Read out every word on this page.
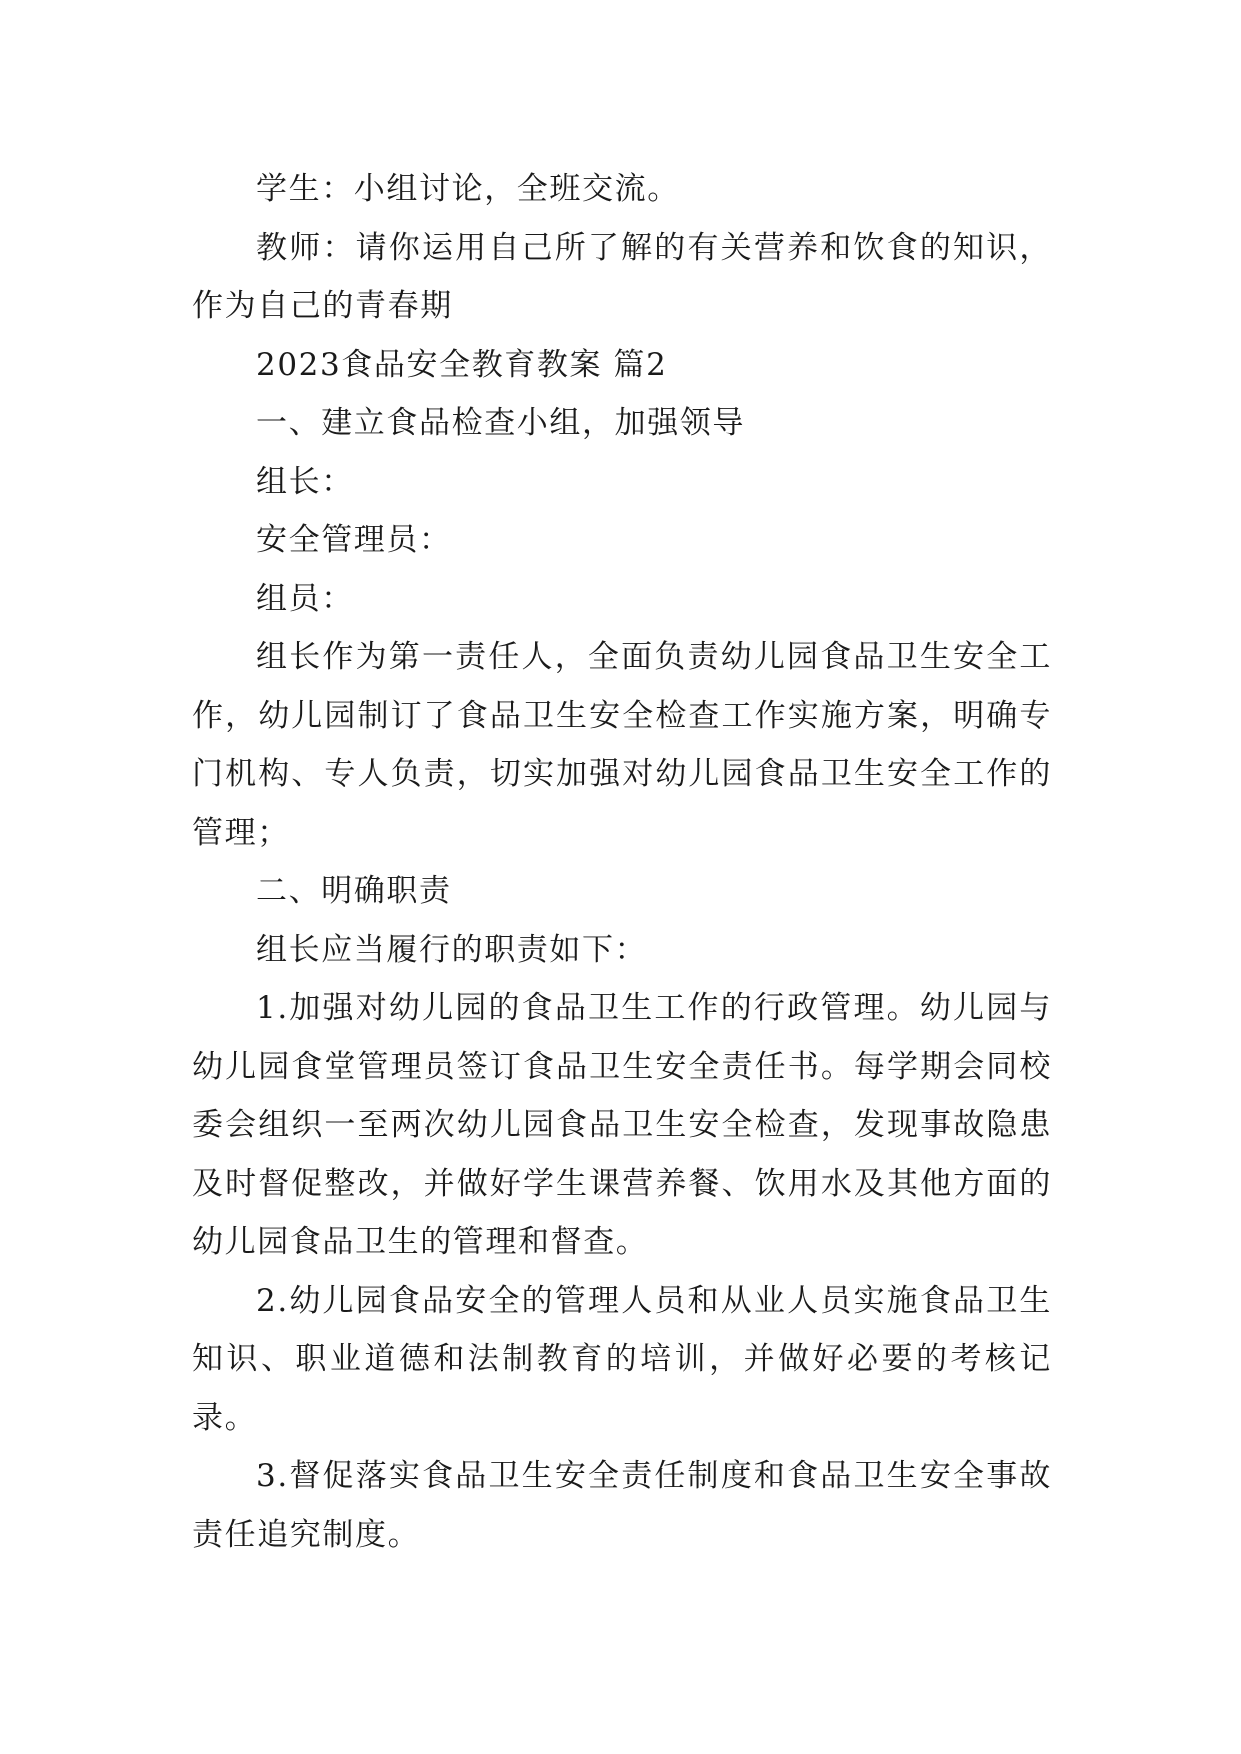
学生：小组讨论，全班交流。

教师：请你运用自己所了解的有关营养和饮食的知识，作为自己的青春期

2023食品安全教育教案 篇2

一、建立食品检查小组，加强领导

组长：

安全管理员：

组员：

组长作为第一责任人，全面负责幼儿园食品卫生安全工作，幼儿园制订了食品卫生安全检查工作实施方案，明确专门机构、专人负责，切实加强对幼儿园食品卫生安全工作的管理；

二、明确职责

组长应当履行的职责如下：

1.加强对幼儿园的食品卫生工作的行政管理。幼儿园与幼儿园食堂管理员签订食品卫生安全责任书。每学期会同校委会组织一至两次幼儿园食品卫生安全检查，发现事故隐患及时督促整改，并做好学生课营养餐、饮用水及其他方面的幼儿园食品卫生的管理和督查。

2.幼儿园食品安全的管理人员和从业人员实施食品卫生知识、职业道德和法制教育的培训，并做好必要的考核记录。

3.督促落实食品卫生安全责任制度和食品卫生安全事故责任追究制度。
